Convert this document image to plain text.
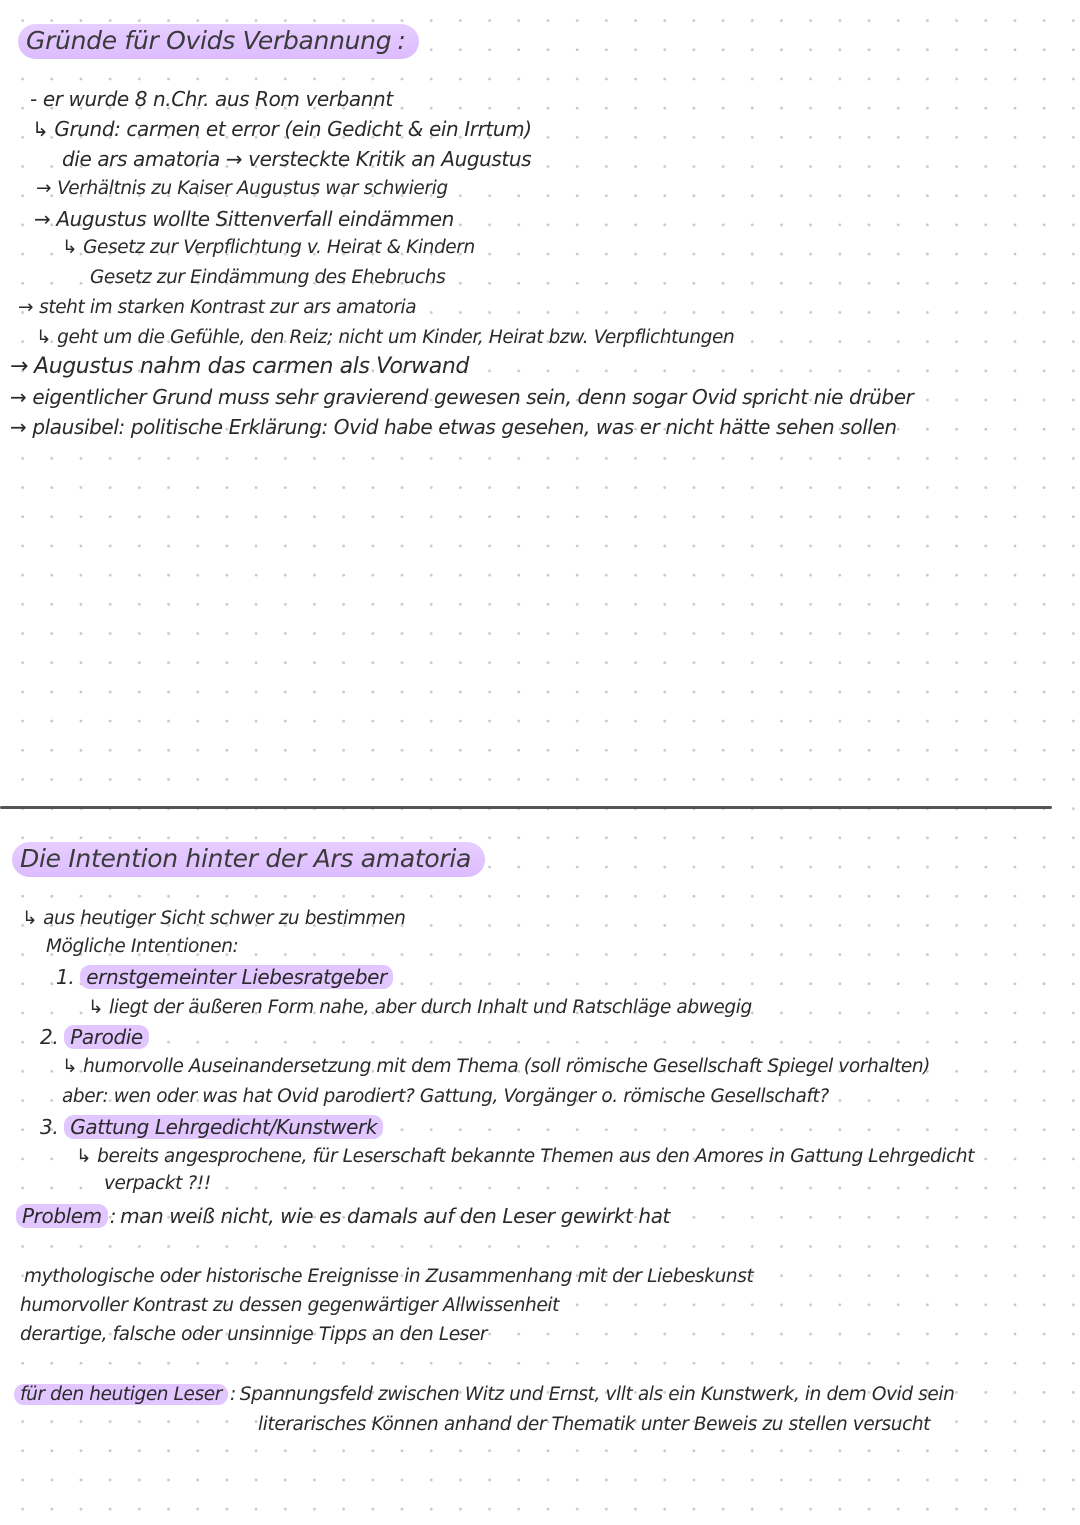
Gründe für Ovids Verbannung :
- er wurde 8 n.Chr. aus Rom verbannt
↳ Grund: carmen et error (ein Gedicht & ein Irrtum)
die ars amatoria → versteckte Kritik an Augustus
→ Verhältnis zu Kaiser Augustus war schwierig
→ Augustus wollte Sittenverfall eindämmen
↳ Gesetz zur Verpflichtung v. Heirat & Kindern
Gesetz zur Eindämmung des Ehebruchs
→ steht im starken Kontrast zur ars amatoria
↳ geht um die Gefühle, den Reiz; nicht um Kinder, Heirat bzw. Verpflichtungen
→ Augustus nahm das carmen als Vorwand
→ eigentlicher Grund muss sehr gravierend gewesen sein, denn sogar Ovid spricht nie drüber
→ plausibel: politische Erklärung: Ovid habe etwas gesehen, was er nicht hätte sehen sollen
Die Intention hinter der Ars amatoria
↳ aus heutiger Sicht schwer zu bestimmen
Mögliche Intentionen:
1. ernstgemeinter Liebesratgeber
↳ liegt der äußeren Form nahe, aber durch Inhalt und Ratschläge abwegig
2. Parodie
↳ humorvolle Auseinandersetzung mit dem Thema (soll römische Gesellschaft Spiegel vorhalten)
aber: wen oder was hat Ovid parodiert? Gattung, Vorgänger o. römische Gesellschaft?
3. Gattung Lehrgedicht/Kunstwerk
↳ bereits angesprochene, für Leserschaft bekannte Themen aus den Amores in Gattung Lehrgedicht
verpackt ?!!
Problem : man weiß nicht, wie es damals auf den Leser gewirkt hat
mythologische oder historische Ereignisse in Zusammenhang mit der Liebeskunst
humorvoller Kontrast zu dessen gegenwärtiger Allwissenheit
derartige, falsche oder unsinnige Tipps an den Leser
für den heutigen Leser : Spannungsfeld zwischen Witz und Ernst, vllt als ein Kunstwerk, in dem Ovid sein
literarisches Können anhand der Thematik unter Beweis zu stellen versucht
